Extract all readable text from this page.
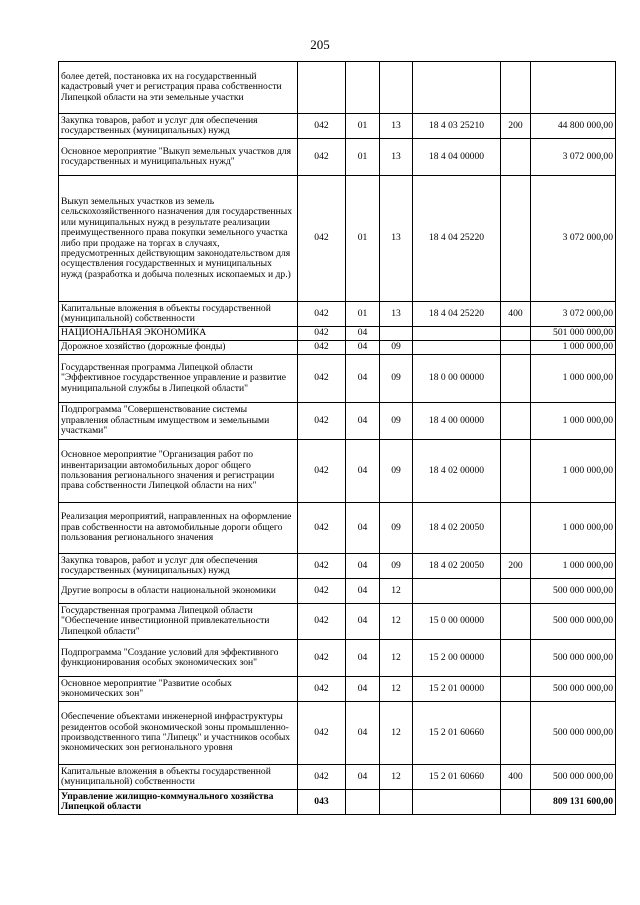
205
более детей, постановка их на государственный кадастровый учет и регистрация права собственности Липецкой области на эти земельные участки						
Закупка товаров, работ и услуг для обеспечения государственных (муниципальных) нужд	042	01	13	18 4 03 25210	200	44 800 000,00
Основное мероприятие "Выкуп земельных участков для государственных и муниципальных нужд"	042	01	13	18 4 04 00000		3 072 000,00
Выкуп земельных участков из земель сельскохозяйственного назначения для государственных или муниципальных нужд в результате реализации преимущественного права покупки земельного участка либо при продаже на торгах в случаях, предусмотренных действующим законодательством для осуществления государственных и муниципальных нужд (разработка и добыча полезных ископаемых и др.)	042	01	13	18 4 04 25220		3 072 000,00
Капитальные вложения в объекты государственной (муниципальной) собственности	042	01	13	18 4 04 25220	400	3 072 000,00
НАЦИОНАЛЬНАЯ ЭКОНОМИКА	042	04				501 000 000,00
Дорожное хозяйство (дорожные фонды)	042	04	09			1 000 000,00
Государственная программа Липецкой области "Эффективное государственное управление и развитие муниципальной службы в Липецкой области"	042	04	09	18 0 00 00000		1 000 000,00
Подпрограмма "Совершенствование системы управления областным имуществом и земельными участками"	042	04	09	18 4 00 00000		1 000 000,00
Основное мероприятие "Организация работ по инвентаризации автомобильных дорог общего пользования регионального значения и регистрации права собственности Липецкой области на них"	042	04	09	18 4 02 00000		1 000 000,00
Реализация мероприятий, направленных на оформление прав собственности на автомобильные дороги общего пользования регионального значения	042	04	09	18 4 02 20050		1 000 000,00
Закупка товаров, работ и услуг для обеспечения государственных (муниципальных) нужд	042	04	09	18 4 02 20050	200	1 000 000,00
Другие вопросы в области национальной экономики	042	04	12			500 000 000,00
Государственная программа Липецкой области "Обеспечение инвестиционной привлекательности Липецкой области"	042	04	12	15 0 00 00000		500 000 000,00
Подпрограмма "Создание условий для эффективного функционирования особых экономических зон"	042	04	12	15 2 00 00000		500 000 000,00
Основное мероприятие "Развитие особых экономических зон"	042	04	12	15 2 01 00000		500 000 000,00
Обеспечение объектами инженерной инфраструктуры резидентов особой экономической зоны промышленно-производственного типа "Липецк" и участников особых экономических зон регионального уровня	042	04	12	15 2 01 60660		500 000 000,00
Капитальные вложения в объекты государственной (муниципальной) собственности	042	04	12	15 2 01 60660	400	500 000 000,00
Управление жилищно-коммунального хозяйства Липецкой области	043					809 131 600,00
